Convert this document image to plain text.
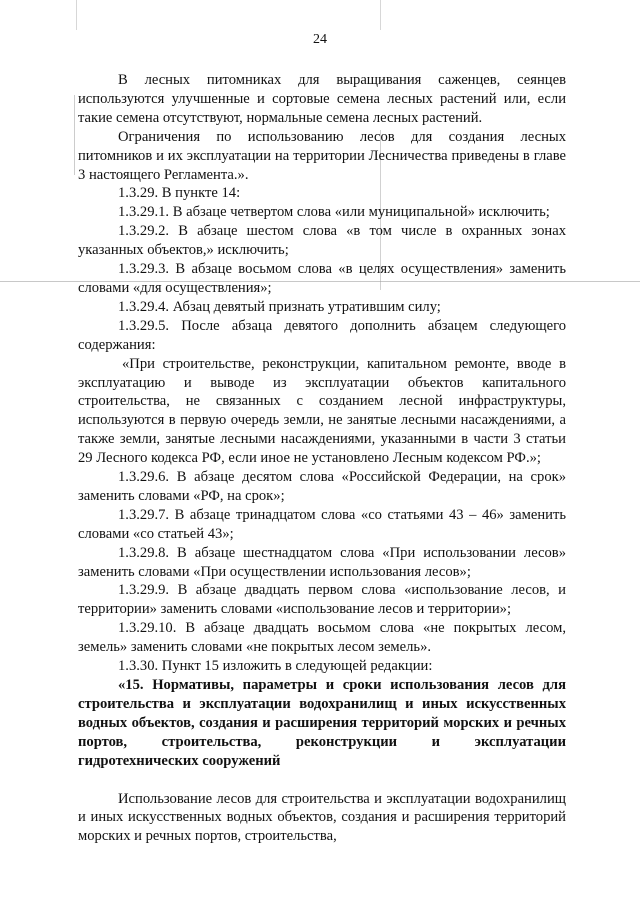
24

В лесных питомниках для выращивания саженцев, сеянцев используются улучшенные и сортовые семена лесных растений или, если такие семена отсутствуют, нормальные семена лесных растений.

Ограничения по использованию лесов для создания лесных питомников и их эксплуатации на территории Лесничества приведены в главе 3 настоящего Регламента.».

1.3.29. В пункте 14:

1.3.29.1. В абзаце четвертом слова «или муниципальной» исключить;

1.3.29.2. В абзаце шестом слова «в том числе в охранных зонах указанных объектов,» исключить;

1.3.29.3. В абзаце восьмом слова «в целях осуществления» заменить словами «для осуществления»;

1.3.29.4. Абзац девятый признать утратившим силу;

1.3.29.5. После абзаца девятого дополнить абзацем следующего содержания:

«При строительстве, реконструкции, капитальном ремонте, вводе в эксплуатацию и выводе из эксплуатации объектов капитального строительства, не связанных с созданием лесной инфраструктуры, используются в первую очередь земли, не занятые лесными насаждениями, а также земли, занятые лесными насаждениями, указанными в части 3 статьи 29 Лесного кодекса РФ, если иное не установлено Лесным кодексом РФ.»;

1.3.29.6. В абзаце десятом слова «Российской Федерации, на срок» заменить словами «РФ, на срок»;

1.3.29.7. В абзаце тринадцатом слова «со статьями 43 – 46» заменить словами «со статьей 43»;

1.3.29.8. В абзаце шестнадцатом слова «При использовании лесов» заменить словами «При осуществлении использования лесов»;

1.3.29.9. В абзаце двадцать первом слова «использование лесов, и территории» заменить словами «использование лесов и территории»;

1.3.29.10. В абзаце двадцать восьмом слова «не покрытых лесом, земель» заменить словами «не покрытых лесом земель».

1.3.30. Пункт 15 изложить в следующей редакции:

«15. Нормативы, параметры и сроки использования лесов для строительства и эксплуатации водохранилищ и иных искусственных водных объектов, создания и расширения территорий морских и речных портов, строительства, реконструкции и эксплуатации гидротехнических сооружений

Использование лесов для строительства и эксплуатации водохранилищ и иных искусственных водных объектов, создания и расширения территорий морских и речных портов, строительства,
